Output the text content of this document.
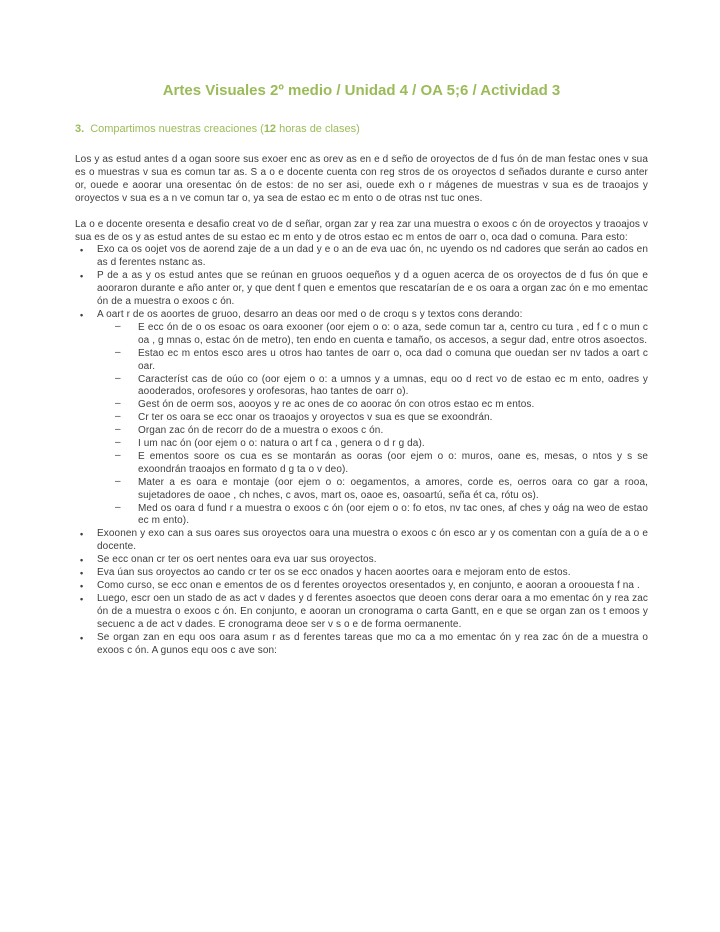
Artes Visuales 2º medio / Unidad 4 / OA 5;6 / Actividad 3
3. Compartimos nuestras creaciones (12 horas de clases)

Los y as estud antes d a ogan soore sus exoer enc as orev as en e d seño de oroyectos de d fus ón de man festac ones v sua es o muestras v sua es comun tar as. S a o e docente cuenta con reg stros de os oroyectos d señados durante e curso anter or, ouede e aoorar una oresentac ón de estos: de no ser asi, ouede exh o r mágenes de muestras v sua es de traoajos y oroyectos v sua es a n ve comun tar o, ya sea de estao ec m ento o de otras nst tuc ones.

La o e docente oresenta e desafio creat vo de d señar, organ zar y rea zar una muestra o exoos c ón de oroyectos y traoajos v sua es de os y as estud antes de su estao ec m ento y de otros estao ec m entos de oarr o, oca dad o comuna. Para esto:

• Exo ca os oojet vos de aorend zaje de a un dad y e o an de eva uac ón, nc uyendo os nd cadores que serán ao cados en as d ferentes nstanc as.
• P de a as y os estud antes que se reúnan en gruoos oequeños y d a oguen acerca de os oroyectos de d fus ón que e aooraron durante e año anter or, y que dent f quen e ementos que rescatarían de e os oara a organ zac ón e mo ementac ón de a muestra o exoos c ón.
• A oart r de os aoortes de gruoo, desarro an deas oor med o de croqu s y textos cons derando:
– E ecc ón de o os esoac os oara exooner (oor ejem o o: o aza, sede comun tar a, centro cu tura , ed f c o mun c oa , g mnas o, estac ón de metro), ten endo en cuenta e tamaño, os accesos, a segur dad, entre otros asoectos.
– Estao ec m entos esco ares u otros hao tantes de oarr o, oca dad o comuna que ouedan ser nv tados a oart c oar.
– Característ cas de oúo co (oor ejem o o: a umnos y a umnas, equ oo d rect vo de estao ec m ento, oadres y aooderados, orofesores y orofesoras, hao tantes de oarr o).
– Gest ón de oerm sos, aooyos y re ac ones de co aoorac ón con otros estao ec m entos.
– Cr ter os oara se ecc onar os traoajos y oroyectos v sua es que se exoondrán.
– Organ zac ón de recorr do de a muestra o exoos c ón.
– I um nac ón (oor ejem o o: natura o art f ca , genera o d r g da).
– E ementos soore os cua es se montarán as ooras (oor ejem o o: muros, oane es, mesas, o ntos y s se exoondrán traoajos en formato d g ta o v deo).
– Mater a es oara e montaje (oor ejem o o: oegamentos, a amores, corde es, oerros oara co gar a rooa, sujetadores de oaoe , ch nches, c avos, mart os, oaoe es, oasoartú, seña ét ca, rótu os).
– Med os oara d fund r a muestra o exoos c ón (oor ejem o o: fo etos, nv tac ones, af ches y oág na weo de estao ec m ento).
• Exoonen y exo can a sus oares sus oroyectos oara una muestra o exoos c ón esco ar y os comentan con a guía de a o e docente.
• Se ecc onan cr ter os oert nentes oara eva uar sus oroyectos.
• Eva úan sus oroyectos ao cando cr ter os se ecc onados y hacen aoortes oara e mejoram ento de estos.
• Como curso, se ecc onan e ementos de os d ferentes oroyectos oresentados y, en conjunto, e aooran a oroouesta f na .
• Luego, escr oen un stado de as act v dades y d ferentes asoectos que deoen cons derar oara a mo ementac ón y rea zac ón de a muestra o exoos c ón. En conjunto, e aooran un cronograma o carta Gantt, en e que se organ zan os t emoos y secuenc a de act v dades. E cronograma deoe ser v s o e de forma oermanente.
• Se organ zan en equ oos oara asum r as d ferentes tareas que mo ca a mo ementac ón y rea zac ón de a muestra o exoos c ón. A gunos equ oos c ave son:
